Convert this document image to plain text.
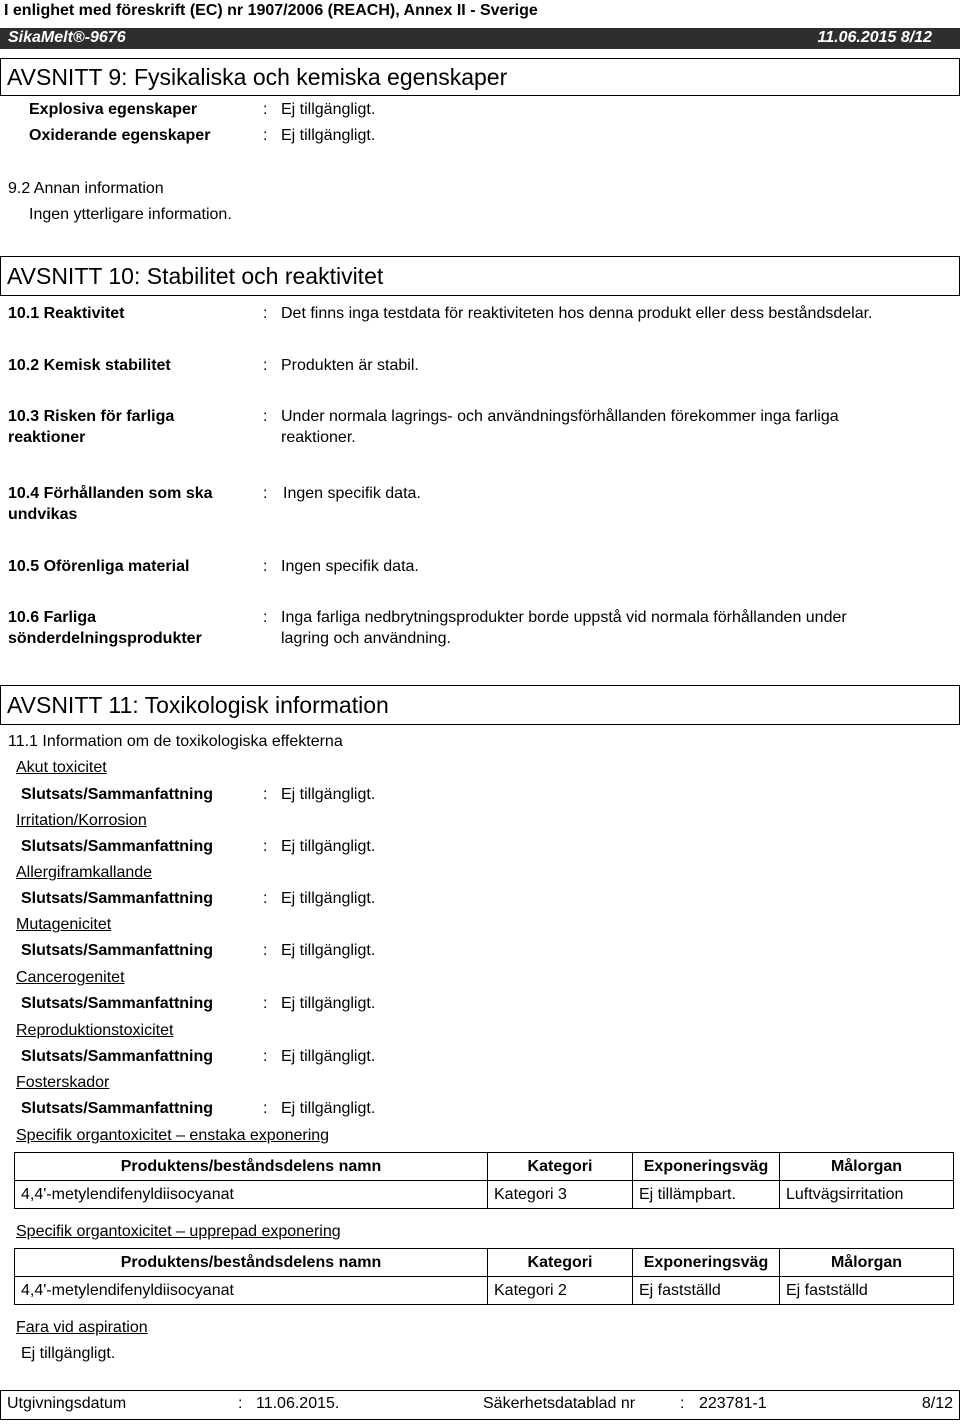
I enlighet med föreskrift (EC) nr 1907/2006 (REACH), Annex II - Sverige
SikaMelt®-9676	11.06.2015 8/12
AVSNITT 9: Fysikaliska och kemiska egenskaper
Explosiva egenskaper	: Ej tillgängligt.
Oxiderande egenskaper	: Ej tillgängligt.
9.2 Annan information
Ingen ytterligare information.
AVSNITT 10: Stabilitet och reaktivitet
10.1 Reaktivitet	: Det finns inga testdata för reaktiviteten hos denna produkt eller dess beståndsdelar.
10.2 Kemisk stabilitet	: Produkten är stabil.
10.3 Risken för farliga
reaktioner
: Under normala lagrings- och användningsförhållanden förekommer inga farliga
reaktioner.
10.4 Förhållanden som ska
undvikas
: Ingen specifik data.
10.5 Oförenliga material	: Ingen specifik data.
10.6 Farliga
sönderdelningsprodukter
: Inga farliga nedbrytningsprodukter borde uppstå vid normala förhållanden under
lagring och användning.
AVSNITT 11: Toxikologisk information
11.1 Information om de toxikologiska effekterna
Akut toxicitet
Slutsats/Sammanfattning	: Ej tillgängligt.
Irritation/Korrosion
Slutsats/Sammanfattning	: Ej tillgängligt.
Allergiframkallande
Slutsats/Sammanfattning	: Ej tillgängligt.
Mutagenicitet
Slutsats/Sammanfattning	: Ej tillgängligt.
Cancerogenitet
Slutsats/Sammanfattning	: Ej tillgängligt.
Reproduktionstoxicitet
Slutsats/Sammanfattning	: Ej tillgängligt.
Fosterskador
Slutsats/Sammanfattning	: Ej tillgängligt.
Specifik organtoxicitet – enstaka exponering
Produktens/beståndsdelens namn	Kategori	Exponeringsväg	Målorgan
4,4'-metylendifenyldiisocyanat	Kategori 3	Ej tillämpbart.	Luftvägsirritation
Specifik organtoxicitet – upprepad exponering
Produktens/beståndsdelens namn	Kategori	Exponeringsväg	Målorgan
4,4'-metylendifenyldiisocyanat	Kategori 2	Ej fastställd	Ej fastställd
Fara vid aspiration
Ej tillgängligt.
Utgivningsdatum	: 11.06.2015.	Säkerhetsdatablad nr	: 223781-1	8/12
